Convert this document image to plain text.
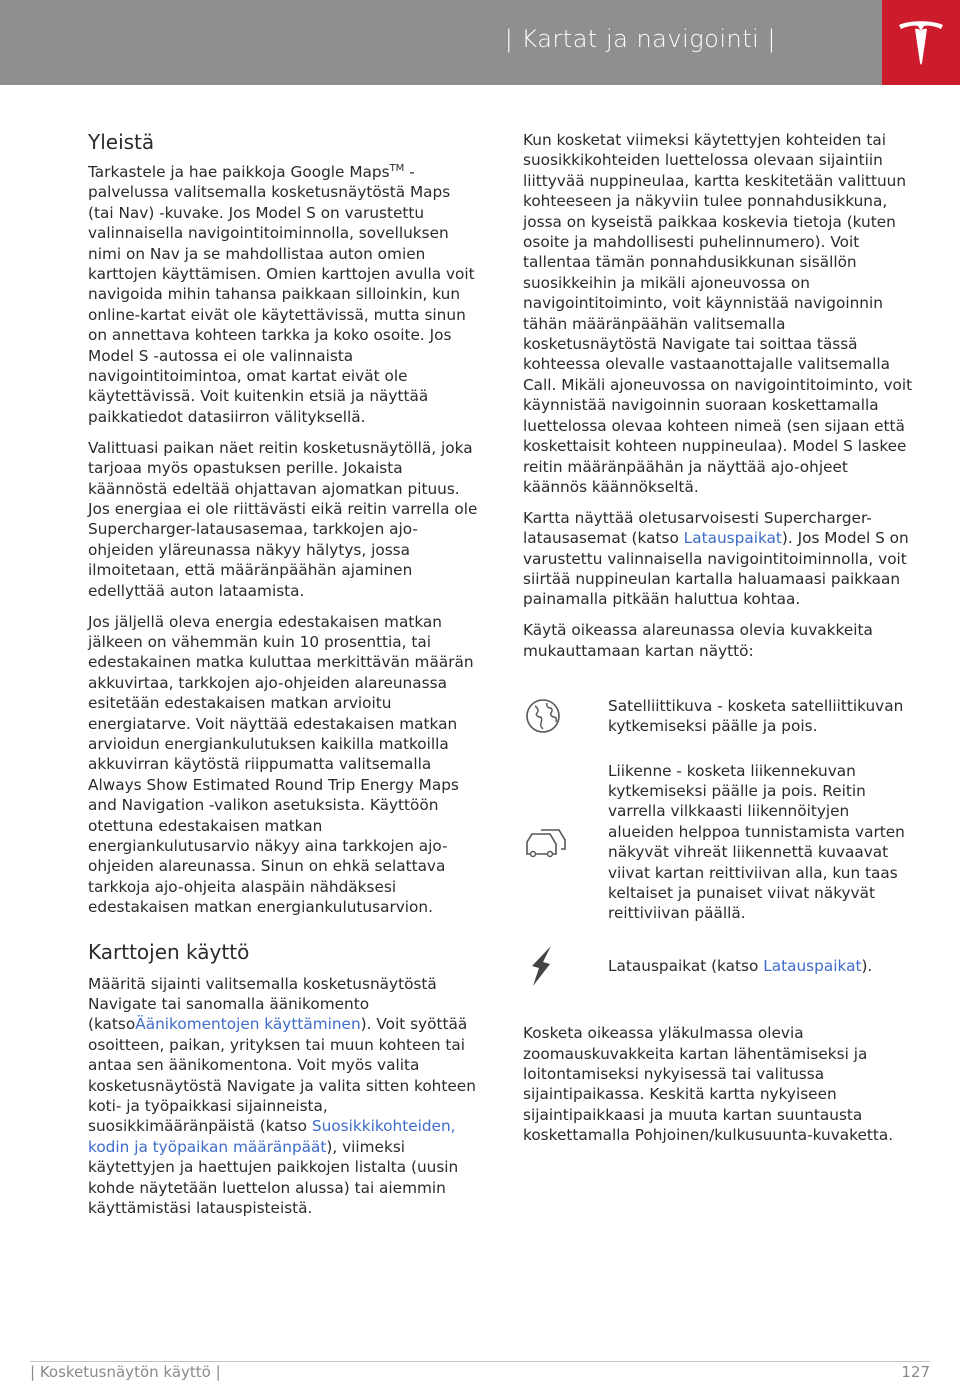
| Kartat ja navigointi |
Yleistä

Tarkastele ja hae paikkoja Google Maps™ - palvelussa valitsemalla kosketusnäytöstä Maps (tai Nav) -kuvake. Jos Model S on varustettu valinnaisella navigointitoiminnolla, sovelluksen nimi on Nav ja se mahdollistaa auton omien karttojen käyttämisen. Omien karttojen avulla voit navigoida mihin tahansa paikkaan silloinkin, kun online-kartat eivät ole käytettävissä, mutta sinun on annettava kohteen tarkka ja koko osoite. Jos Model S -autossa ei ole valinnaista navigointitoimintoa, omat kartat eivät ole käytettävissä. Voit kuitenkin etsiä ja näyttää paikkatiedot datasiirron välityksellä.

Valittuasi paikan näet reitin kosketusnäytöllä, joka tarjoaa myös opastuksen perille. Jokaista käännöstä edeltää ohjattavan ajomatkan pituus. Jos energiaa ei ole riittävästi eikä reitin varrella ole Supercharger-latausasemaa, tarkkojen ajo-ohjeiden yläreunassa näkyy hälytys, jossa ilmoitetaan, että määränpäähän ajaminen edellyttää auton lataamista.

Jos jäljellä oleva energia edestakaisen matkan jälkeen on vähemmän kuin 10 prosenttia, tai edestakainen matka kuluttaa merkittävän määrän akkuvirtaa, tarkkojen ajo-ohjeiden alareunassa esitetään edestakaisen matkan arvioitu energiatarve. Voit näyttää edestakaisen matkan arvioidun energiankulutuksen kaikilla matkoilla akkuvirran käytöstä riippumatta valitsemalla Always Show Estimated Round Trip Energy Maps and Navigation -valikon asetuksista. Käyttöön otettuna edestakaisen matkan energiankulutusarvio näkyy aina tarkkojen ajo-ohjeiden alareunassa. Sinun on ehkä selattava tarkkoja ajo-ohjeita alaspäin nähdäksesi edestakaisen matkan energiankulutusarvion.

Karttojen käyttö

Määritä sijainti valitsemalla kosketusnäytöstä Navigate tai sanomalla äänikomento (katsoÄänikomentojen käyttäminen). Voit syöttää osoitteen, paikan, yrityksen tai muun kohteen tai antaa sen äänikomentona. Voit myös valita kosketusnäytöstä Navigate ja valita sitten kohteen koti- ja työpaikkasi sijainneista, suosikkimääränpäistä (katso Suosikkikohteiden, kodin ja työpaikan määränpäät), viimeksi käytettyjen ja haettujen paikkojen listalta (uusin kohde näytetään luettelon alussa) tai aiemmin käyttämistäsi latauspisteistä.

Kun kosketat viimeksi käytettyjen kohteiden tai suosikkikohteiden luettelossa olevaan sijaintiin liittyvää nuppineulaa, kartta keskitetään valittuun kohteeseen ja näkyviin tulee ponnahdusikkuna, jossa on kyseistä paikkaa koskevia tietoja (kuten osoite ja mahdollisesti puhelinnumero). Voit tallentaa tämän ponnahdusikkunan sisällön suosikkeihin ja mikäli ajoneuvossa on navigointitoiminto, voit käynnistää navigoinnin tähän määränpäähän valitsemalla kosketusnäytöstä Navigate tai soittaa tässä kohteessa olevalle vastaanottajalle valitsemalla Call. Mikäli ajoneuvossa on navigointitoiminto, voit käynnistää navigoinnin suoraan koskettamalla luettelossa olevaa kohteen nimeä (sen sijaan että koskettaisit kohteen nuppineulaa). Model S laskee reitin määränpäähän ja näyttää ajo-ohjeet käännös käännökseltä.

Kartta näyttää oletusarvoisesti Supercharger-latausasemat (katso Latauspaikat). Jos Model S on varustettu valinnaisella navigointitoiminnolla, voit siirtää nuppineulan kartalla haluamaasi paikkaan painamalla pitkään haluttua kohtaa.

Käytä oikeassa alareunassa olevia kuvakkeita mukauttamaan kartan näyttö:

Satelliittikuva - kosketa satelliittikuvan kytkemiseksi päälle ja pois.
Liikenne - kosketa liikennekuvan kytkemiseksi päälle ja pois. Reitin varrella vilkkaasti liikennöityjen alueiden helppoa tunnistamista varten näkyvät vihreät liikennettä kuvaavat viivat kartan reittiviivan alla, kun taas keltaiset ja punaiset viivat näkyvät reittiviivan päällä.
Latauspaikat (katso Latauspaikat).

Kosketa oikeassa yläkulmassa olevia zoomauskuvakkeita kartan lähentämiseksi ja loitontamiseksi nykyisessä tai valitussa sijaintipaikassa. Keskitä kartta nykyiseen sijaintipaikkaasi ja muuta kartan suuntausta koskettamalla Pohjoinen/kulkusuunta-kuvaketta.

| Kosketusnäytön käyttö |	127
